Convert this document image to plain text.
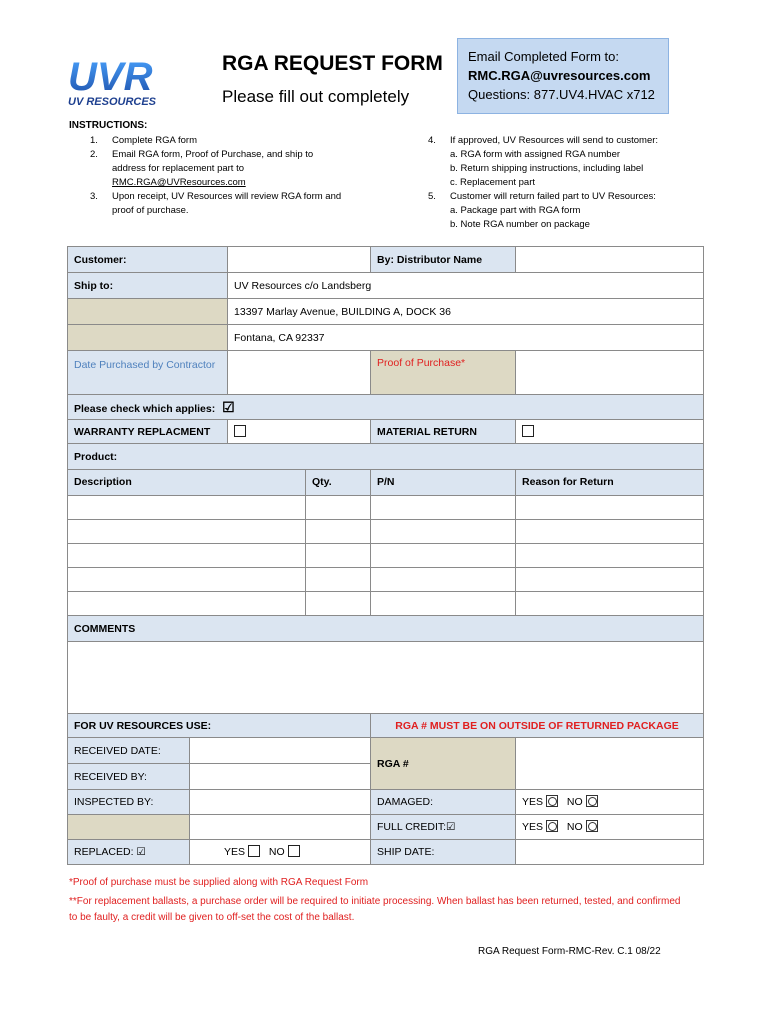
UVR
UV RESOURCES
RGA REQUEST FORM
Please fill out completely
Email Completed Form to:
RMC.RGA@uvresources.com
Questions: 877.UV4.HVAC x712
INSTRUCTIONS:
1. Complete RGA form
2. Email RGA form, Proof of Purchase, and ship to
address for replacement part to
RMC.RGA@UVResources.com
3. Upon receipt, UV Resources will review RGA form and
proof of purchase.
4. If approved, UV Resources will send to customer:
a. RGA form with assigned RGA number
b. Return shipping instructions, including label
c. Replacement part
5. Customer will return failed part to UV Resources:
a. Package part with RGA form
b. Note RGA number on package
Customer:				By: Distributor Name	
Ship to:		UV Resources c/o Landsberg			
		13397 Marlay Avenue, BUILDING A, DOCK 36			
		Fontana, CA 92337			
Date Purchased by Contractor				Proof of Purchase*	
Please check which applies: ☑					
WARRANTY REPLACMENT				MATERIAL RETURN	
Product:					
Description			Qty.	P/N	Reason for Return

COMMENTS					

FOR UV RESOURCES USE:				RGA # MUST BE ON OUTSIDE OF RETURNED PACKAGE	
RECEIVED DATE:				RGA #	
RECEIVED BY:					
INSPECTED BY:				DAMAGED:	YES NO
				FULL CREDIT:☑	YES NO
REPLACED: ☑	YES NO			SHIP DATE:	
*Proof of purchase must be supplied along with RGA Request Form
**For replacement ballasts, a purchase order will be required to initiate processing. When ballast has been returned, tested, and confirmed to be faulty, a credit will be given to off-set the cost of the ballast.
RGA Request Form-RMC-Rev. C.1 08/22
